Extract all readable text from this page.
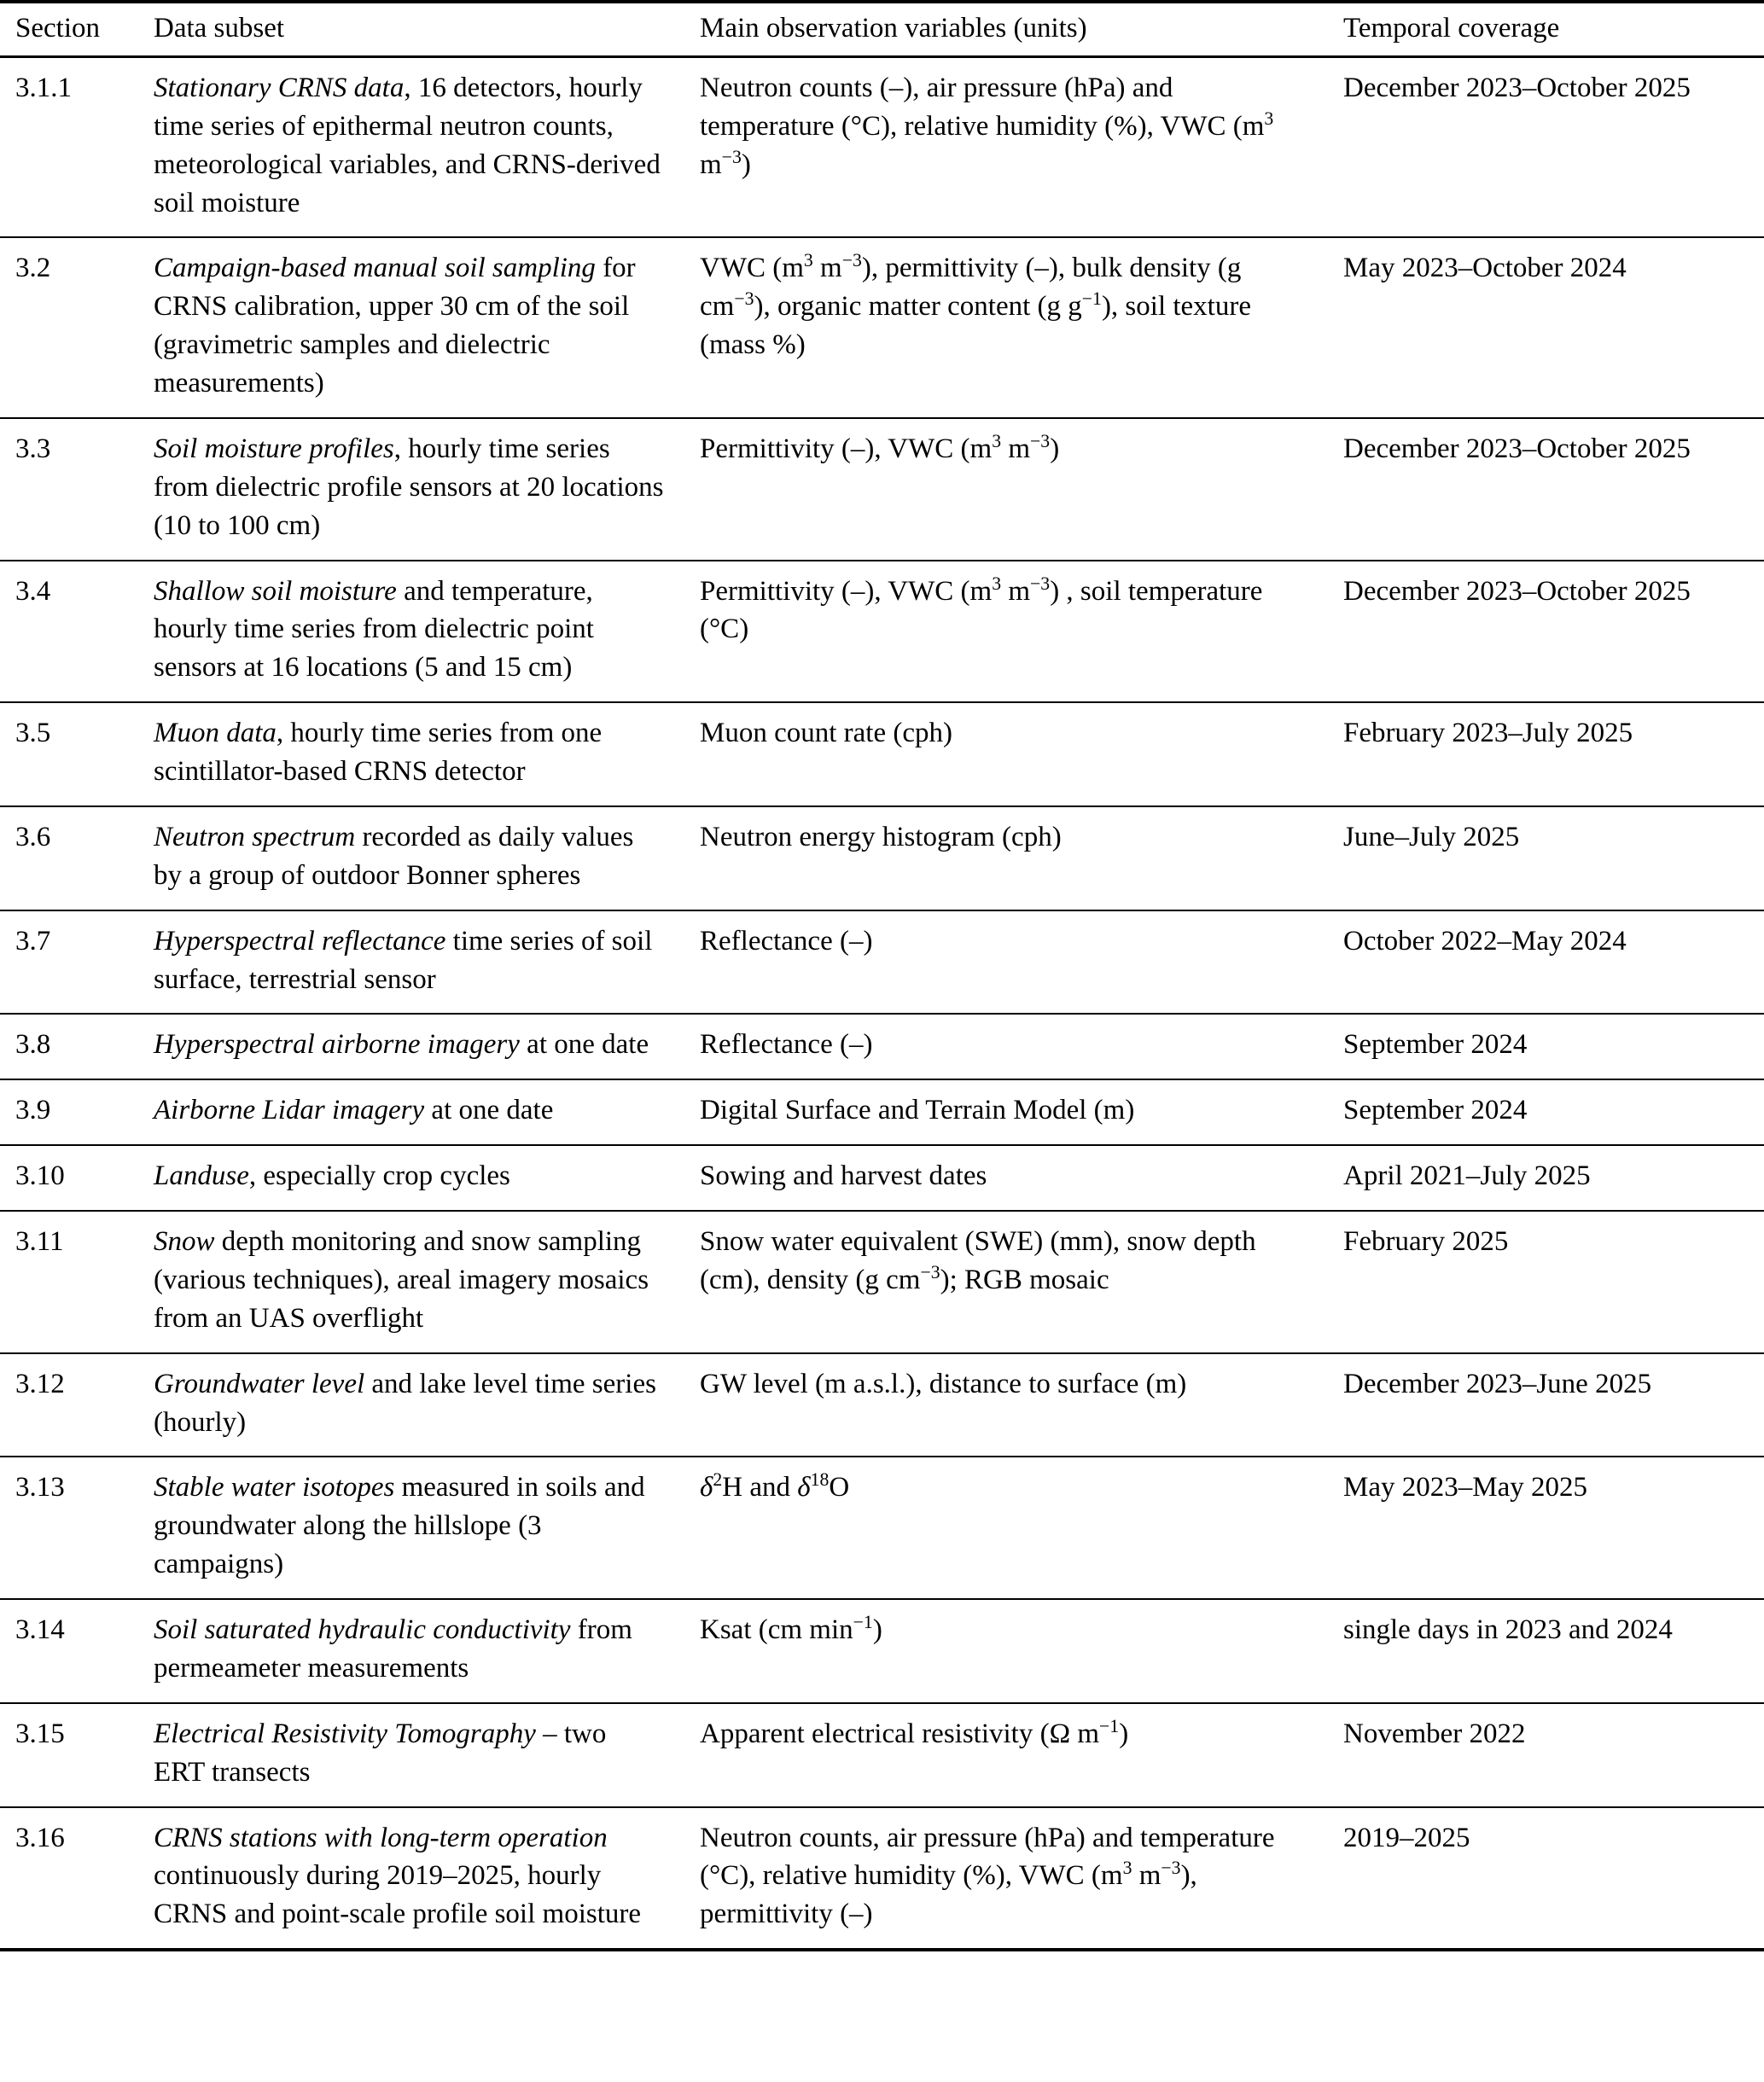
Section	Data subset	Main observation variables (units)	Temporal coverage
3.1.1	Stationary CRNS data, 16 detectors, hourly time series of epithermal neutron counts, meteorological variables, and CRNS-derived soil moisture	Neutron counts (–), air pressure (hPa) and temperature (°C), relative humidity (%), VWC ($m^3$ $m^{-3}$)	December 2023–October 2025
3.2	Campaign-based manual soil sampling for CRNS calibration, upper 30 cm of the soil (gravimetric samples and dielectric measurements)	VWC ($m^3$ $m^{-3}$), permittivity (–), bulk density (g $cm^{-3}$), organic matter content (g $g^{-1}$), soil texture (mass %)	May 2023–October 2024
3.3	Soil moisture profiles, hourly time series from dielectric profile sensors at 20 locations (10 to 100 cm)	Permittivity (–), VWC ($m^3$ $m^{-3}$)	December 2023–October 2025
3.4	Shallow soil moisture and temperature, hourly time series from dielectric point sensors at 16 locations (5 and 15 cm)	Permittivity (–), VWC ($m^3$ $m^{-3}$) , soil temperature (°C)	December 2023–October 2025
3.5	Muon data, hourly time series from one scintillator-based CRNS detector	Muon count rate (cph)	February 2023–July 2025
3.6	Neutron spectrum recorded as daily values by a group of outdoor Bonner spheres	Neutron energy histogram (cph)	June–July 2025
3.7	Hyperspectral reflectance time series of soil surface, terrestrial sensor	Reflectance (–)	October 2022–May 2024
3.8	Hyperspectral airborne imagery at one date	Reflectance (–)	September 2024
3.9	Airborne Lidar imagery at one date	Digital Surface and Terrain Model (m)	September 2024
3.10	Landuse, especially crop cycles	Sowing and harvest dates	April 2021–July 2025
3.11	Snow depth monitoring and snow sampling (various techniques), areal imagery mosaics from an UAS overflight	Snow water equivalent (SWE) (mm), snow depth (cm), density (g $cm^{-3}$); RGB mosaic	February 2025
3.12	Groundwater level and lake level time series (hourly)	GW level (m a.s.l.), distance to surface (m)	December 2023–June 2025
3.13	Stable water isotopes measured in soils and groundwater along the hillslope (3 campaigns)	$\delta^2H$ and $\delta^{18}O$	May 2023–May 2025
3.14	Soil saturated hydraulic conductivity from permeameter measurements	Ksat (cm $\min^{-1}$)	single days in 2023 and 2024
3.15	Electrical Resistivity Tomography – two ERT transects	Apparent electrical resistivity (Ω $m^{-1}$)	November 2022
3.16	CRNS stations with long-term operation continuously during 2019–2025, hourly CRNS and point-scale profile soil moisture	Neutron counts, air pressure (hPa) and temperature (°C), relative humidity (%), VWC ($m^3$ $m^{-3}$), permittivity (–)	2019–2025
